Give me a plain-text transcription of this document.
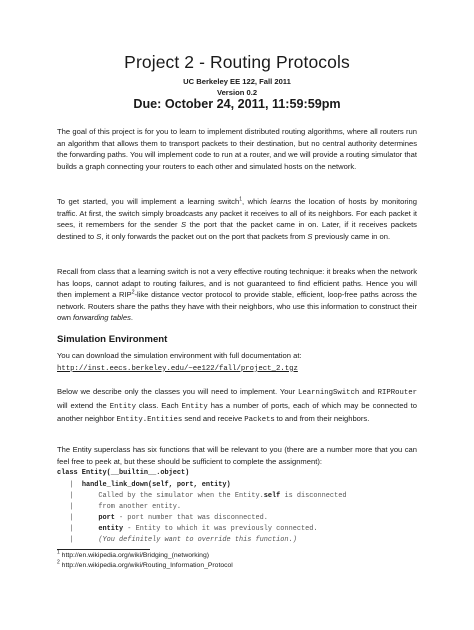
Project 2 - Routing Protocols
UC Berkeley EE 122, Fall 2011
Version 0.2
Due: October 24, 2011, 11:59:59pm
The goal of this project is for you to learn to implement distributed routing algorithms, where all routers run an algorithm that allows them to transport packets to their destination, but no central authority determines the forwarding paths. You will implement code to run at a router, and we will provide a routing simulator that builds a graph connecting your routers to each other and simulated hosts on the network.
To get started, you will implement a learning switch$^1$, which learns the location of hosts by monitoring traffic. At first, the switch simply broadcasts any packet it receives to all of its neighbors. For each packet it sees, it remembers for the sender S the port that the packet came in on. Later, if it receives packets destined to S, it only forwards the packet out on the port that packets from S previously came in on.
Recall from class that a learning switch is not a very effective routing technique: it breaks when the network has loops, cannot adapt to routing failures, and is not guaranteed to find efficient paths. Hence you will then implement a RIP$^2$-like distance vector protocol to provide stable, efficient, loop-free paths across the network. Routers share the paths they have with their neighbors, who use this information to construct their own forwarding tables.
Simulation Environment
You can download the simulation environment with full documentation at:
http://inst.eecs.berkeley.edu/~ee122/fall/project_2.tgz
Below we describe only the classes you will need to implement. Your LearningSwitch and RIPRouter will extend the Entity class. Each Entity has a number of ports, each of which may be connected to another neighbor Entity.Entities send and receive Packets to and from their neighbors.
The Entity superclass has six functions that will be relevant to you (there are a number more that you can feel free to peek at, but these should be sufficient to complete the assignment):
class Entity(__builtin__.object)
|  handle_link_down(self, port, entity)
|      Called by the simulator when the Entity.self is disconnected
|      from another entity.
|      port - port number that was disconnected.
|      entity - Entity to which it was previously connected.
|      (You definitely want to override this function.)
$^1$ http://en.wikipedia.org/wiki/Bridging_(networking)
$^2$ http://en.wikipedia.org/wiki/Routing_Information_Protocol
